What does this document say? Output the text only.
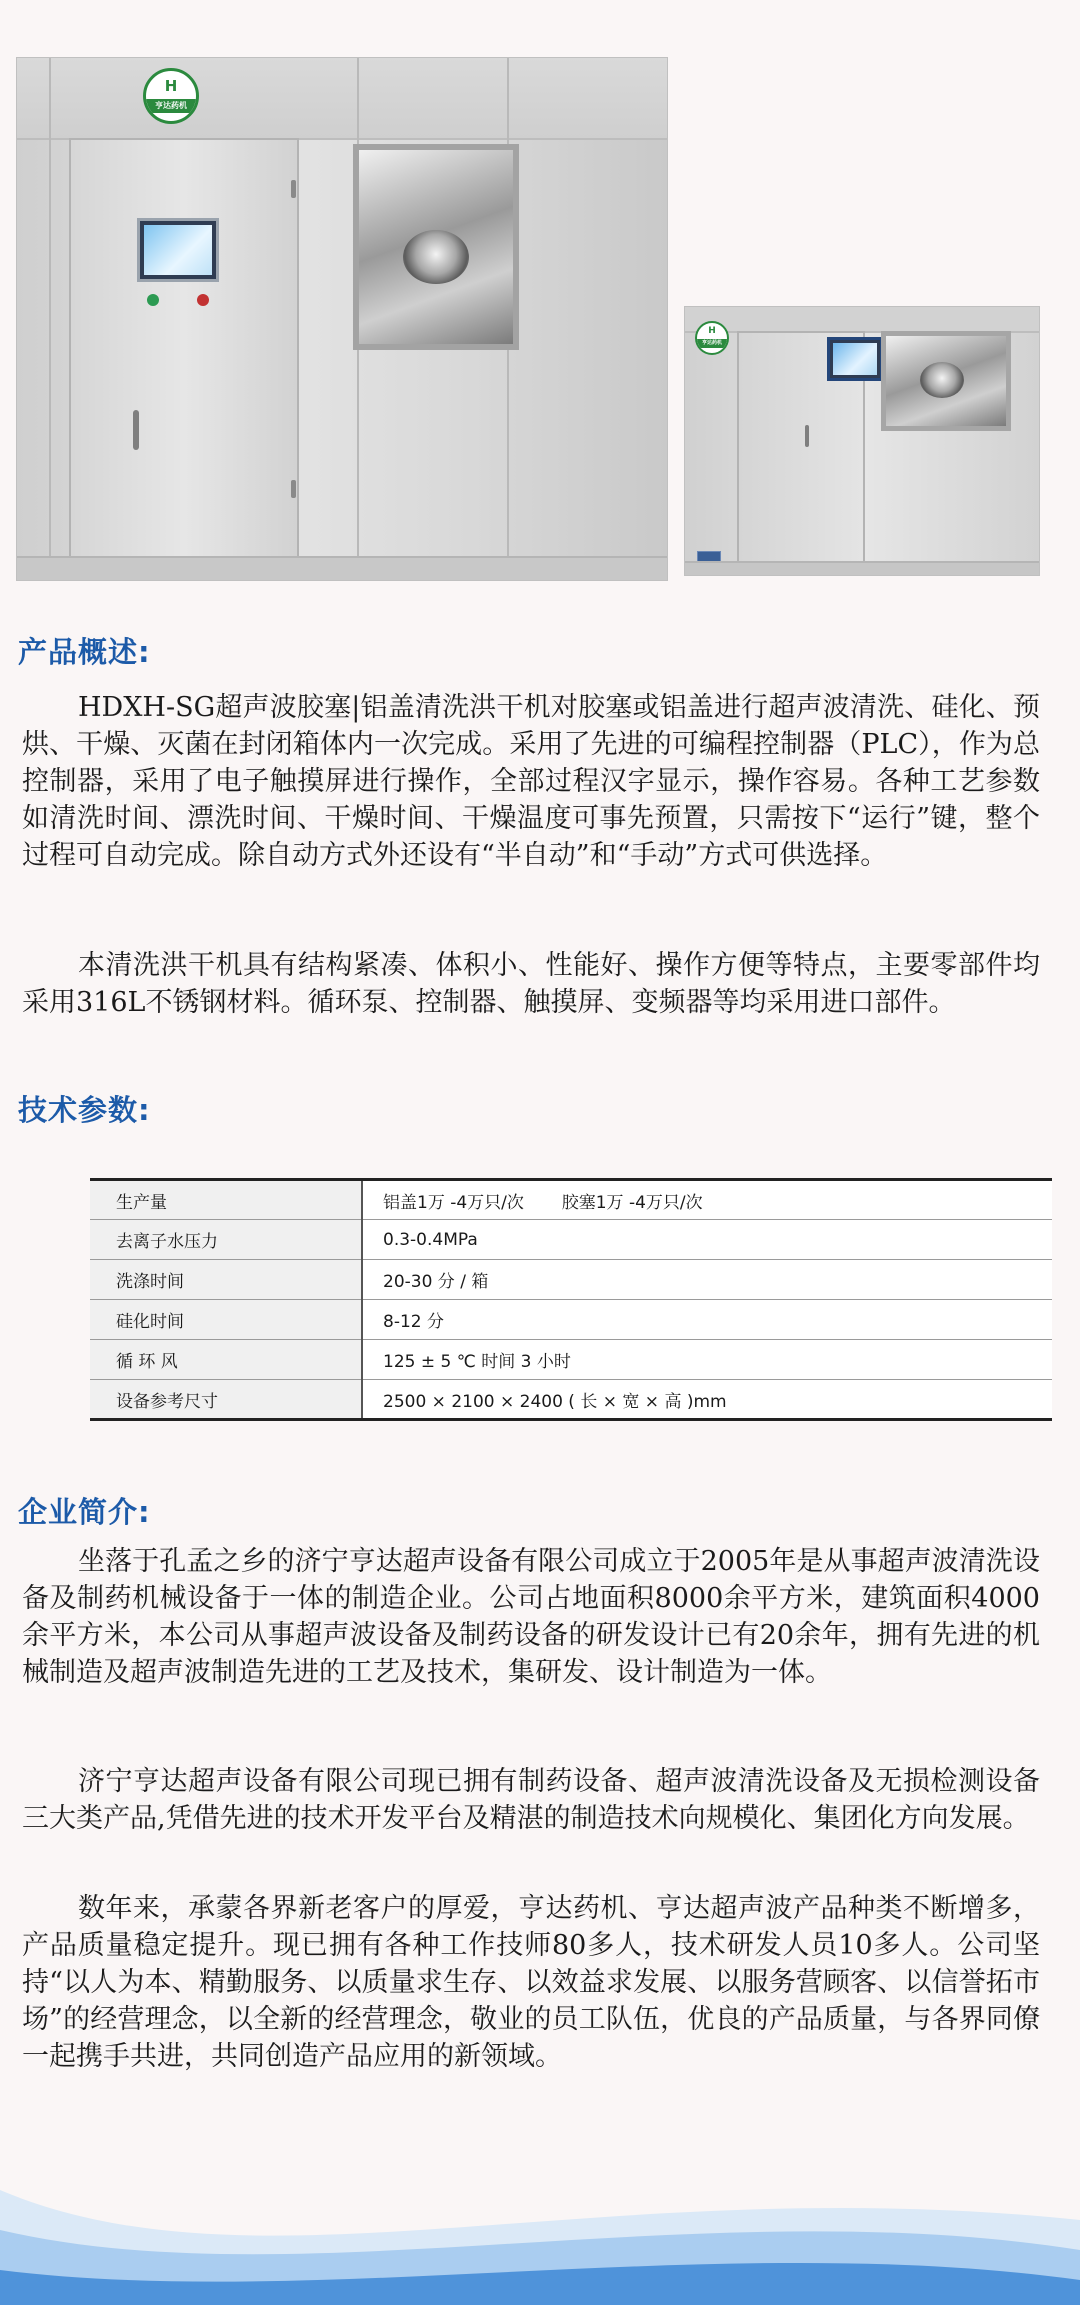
H
亨达药机
H
亨达药机
产品概述:

HDXH-SG超声波胶塞|铝盖清洗洪干机对胶塞或铝盖进行超声波清洗、硅化、预烘、干燥、灭菌在封闭箱体内一次完成。采用了先进的可编程控制器（PLC），作为总控制器，采用了电子触摸屏进行操作，全部过程汉字显示，操作容易。各种工艺参数如清洗时间、漂洗时间、干燥时间、干燥温度可事先预置，只需按下“运行”键，整个过程可自动完成。除自动方式外还设有“半自动”和“手动”方式可供选择。

本清洗洪干机具有结构紧凑、体积小、性能好、操作方便等特点，主要零部件均采用316L不锈钢材料。循环泵、控制器、触摸屏、变频器等均采用进口部件。

技术参数:
生产量	铝盖1万 -4万只/次       胶塞1万 -4万只/次
去离子水压力	0.3-0.4MPa
洗涤时间	20-30 分 / 箱
硅化时间	8-12 分
循 环 风	125 ± 5 ℃ 时间 3 小时
设备参考尺寸	2500 × 2100 × 2400 ( 长 × 宽 × 高 )mm
企业简介:

坐落于孔孟之乡的济宁亨达超声设备有限公司成立于2005年是从事超声波清洗设备及制药机械设备于一体的制造企业。公司占地面积8000余平方米，建筑面积4000余平方米，本公司从事超声波设备及制药设备的研发设计已有20余年，拥有先进的机械制造及超声波制造先进的工艺及技术，集研发、设计制造为一体。

济宁亨达超声设备有限公司现已拥有制药设备、超声波清洗设备及无损检测设备三大类产品,凭借先进的技术开发平台及精湛的制造技术向规模化、集团化方向发展。

数年来，承蒙各界新老客户的厚爱，亨达药机、亨达超声波产品种类不断增多，产品质量稳定提升。现已拥有各种工作技师80多人，技术研发人员10多人。公司坚持“以人为本、精勤服务、以质量求生存、以效益求发展、以服务营顾客、以信誉拓市场”的经营理念，以全新的经营理念，敬业的员工队伍，优良的产品质量，与各界同僚一起携手共进，共同创造产品应用的新领域。
